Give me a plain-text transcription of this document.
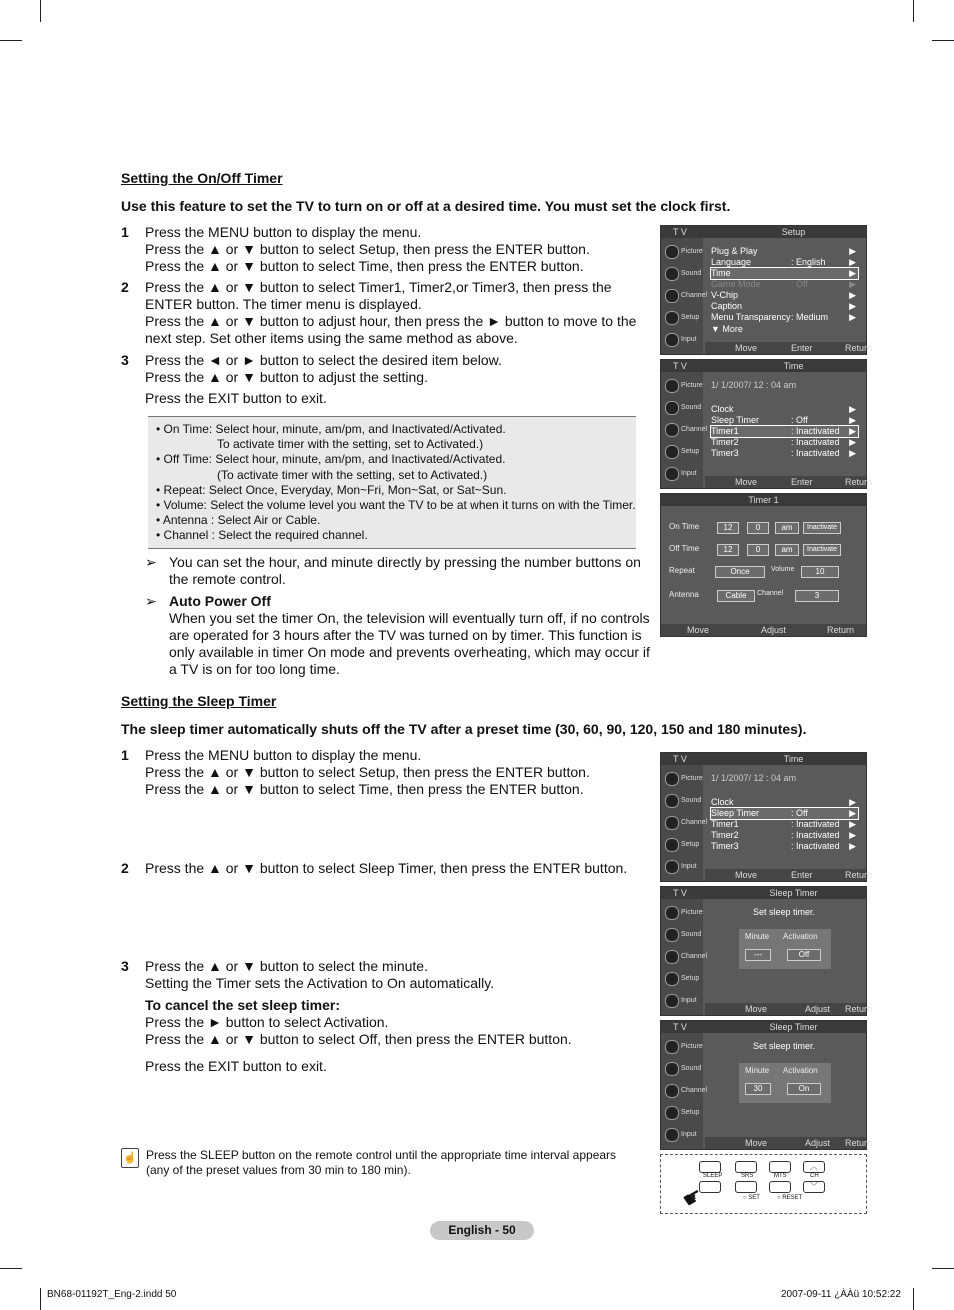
Setting the On/Off Timer
Use this feature to set the TV to turn on or off at a desired time. You must set the clock first.
1	Press the MENU button to display the menu.
Press the ▲ or ▼ button to select Setup, then press the ENTER button.
Press the ▲ or ▼ button to select Time, then press the ENTER button.
2	Press the ▲ or ▼ button to select Timer1, Timer2,or Timer3, then press the
ENTER button. The timer menu is displayed.
Press the ▲ or ▼ button to adjust hour, then press the ► button to move to the
next step. Set other items using the same method as above.
3	Press the ◄ or ► button to select the desired item below.
Press the ▲ or ▼ button to adjust the setting.
Press the EXIT button to exit.
• On Time: Select hour, minute, am/pm, and Inactivated/Activated.
To activate timer with the setting, set to Activated.)
• Off Time: Select hour, minute, am/pm, and Inactivated/Activated.
(To activate timer with the setting, set to Activated.)
• Repeat: Select Once, Everyday, Mon~Fri, Mon~Sat, or Sat~Sun.
• Volume: Select the volume level you want the TV to be at when it turns on with the Timer.
• Antenna : Select Air or Cable.
• Channel : Select the required channel.
➢ You can set the hour, and minute directly by pressing the number buttons on
the remote control.
➢ Auto Power Off
When you set the timer On, the television will eventually turn off, if no controls
are operated for 3 hours after the TV was turned on by timer. This function is
only available in timer On mode and prevents overheating, which may occur if
a TV is on for too long time.
Setting the Sleep Timer
The sleep timer automatically shuts off the TV after a preset time (30, 60, 90, 120, 150 and 180 minutes).
1	Press the MENU button to display the menu.
Press the ▲ or ▼ button to select Setup, then press the ENTER button.
Press the ▲ or ▼ button to select Time, then press the ENTER button.
2	Press the ▲ or ▼ button to select Sleep Timer, then press the ENTER button.
3	Press the ▲ or ▼ button to select the minute.
Setting the Timer sets the Activation to On automatically.
To cancel the set sleep timer:
Press the ► button to select Activation.
Press the ▲ or ▼ button to select Off, then press the ENTER button.
Press the EXIT button to exit.
☝ Press the SLEEP button on the remote control until the appropriate time interval appears
(any of the preset values from 30 min to 180 min).
T V	Setup
Picture
Sound
Channel
Setup
Input
Plug & Play	▶
Language	: English	▶
Time	▶
Game Mode	: Off	▶
V-Chip	▶
Caption	▶
Menu Transparency : Medium ▶
▼ More
Move	Enter	Return
T V	Time
Picture
Sound
Channel
Setup
Input
1/ 1/2007/ 12 : 04 am
Clock	▶
Sleep Timer	: Off	▶
Timer1	: Inactivated ▶
Timer2	: Inactivated ▶
Timer3	: Inactivated ▶
Move	Enter	Return
Timer 1
On Time	12	0	am	Inactivate
Off Time	12	0	am	Inactivate
Repeat	Once	Volume	10
Antenna	Cable	Channel	3
Move	Adjust	Return
T V	Time
Picture
Sound
Channel
Setup
Input
1/ 1/2007/ 12 : 04 am
Clock	▶
Sleep Timer	: Off	▶
Timer1	: Inactivated ▶
Timer2	: Inactivated ▶
Timer3	: Inactivated ▶
Move	Enter	Return
T V	Sleep Timer
Picture
Sound
Channel
Setup
Input
Set sleep timer.
Minute Activation
---	Off
Move	Adjust Return
T V	Sleep Timer
Picture
Sound
Channel
Setup
Input
Set sleep timer.
Minute Activation
30	On
Move	Adjust Return
︿
SLEEP	SRS	MTS	CH
﹀
○ SET	○ RESET
☛
English - 50
BN68-01192T_Eng-2.indd 50	2007-09-11 ¿ÀÀü 10:52:22
